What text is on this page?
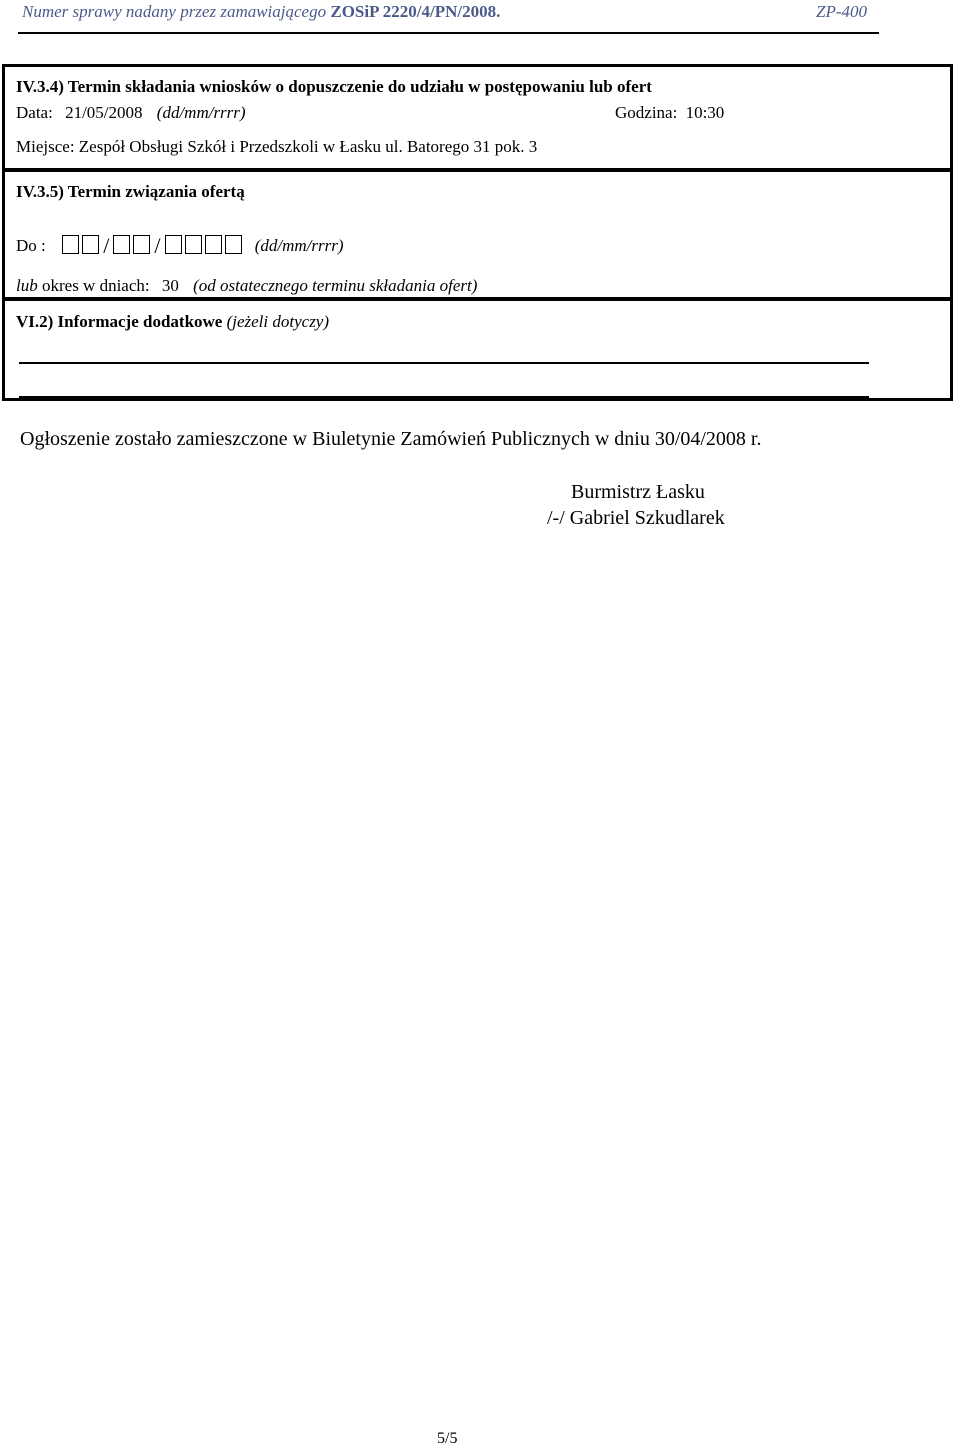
Numer sprawy nadany przez zamawiającego ZOSiP 2220/4/PN/2008.	ZP-400
IV.3.4) Termin składania wniosków o dopuszczenie do udziału w postępowaniu lub ofert
Data: 21/05/2008 (dd/mm/rrrr)	Godzina: 10:30
Miejsce: Zespół Obsługi Szkół i Przedszkoli w Łasku ul. Batorego 31 pok. 3
IV.3.5) Termin związania ofertą
Do :	/ /	(dd/mm/rrrr)
lub okres w dniach: 30 (od ostatecznego terminu składania ofert)
VI.2) Informacje dodatkowe (jeżeli dotyczy)
Ogłoszenie zostało zamieszczone w Biuletynie Zamówień Publicznych w dniu 30/04/2008 r.
Burmistrz Łasku
/-/ Gabriel Szkudlarek
5/5
